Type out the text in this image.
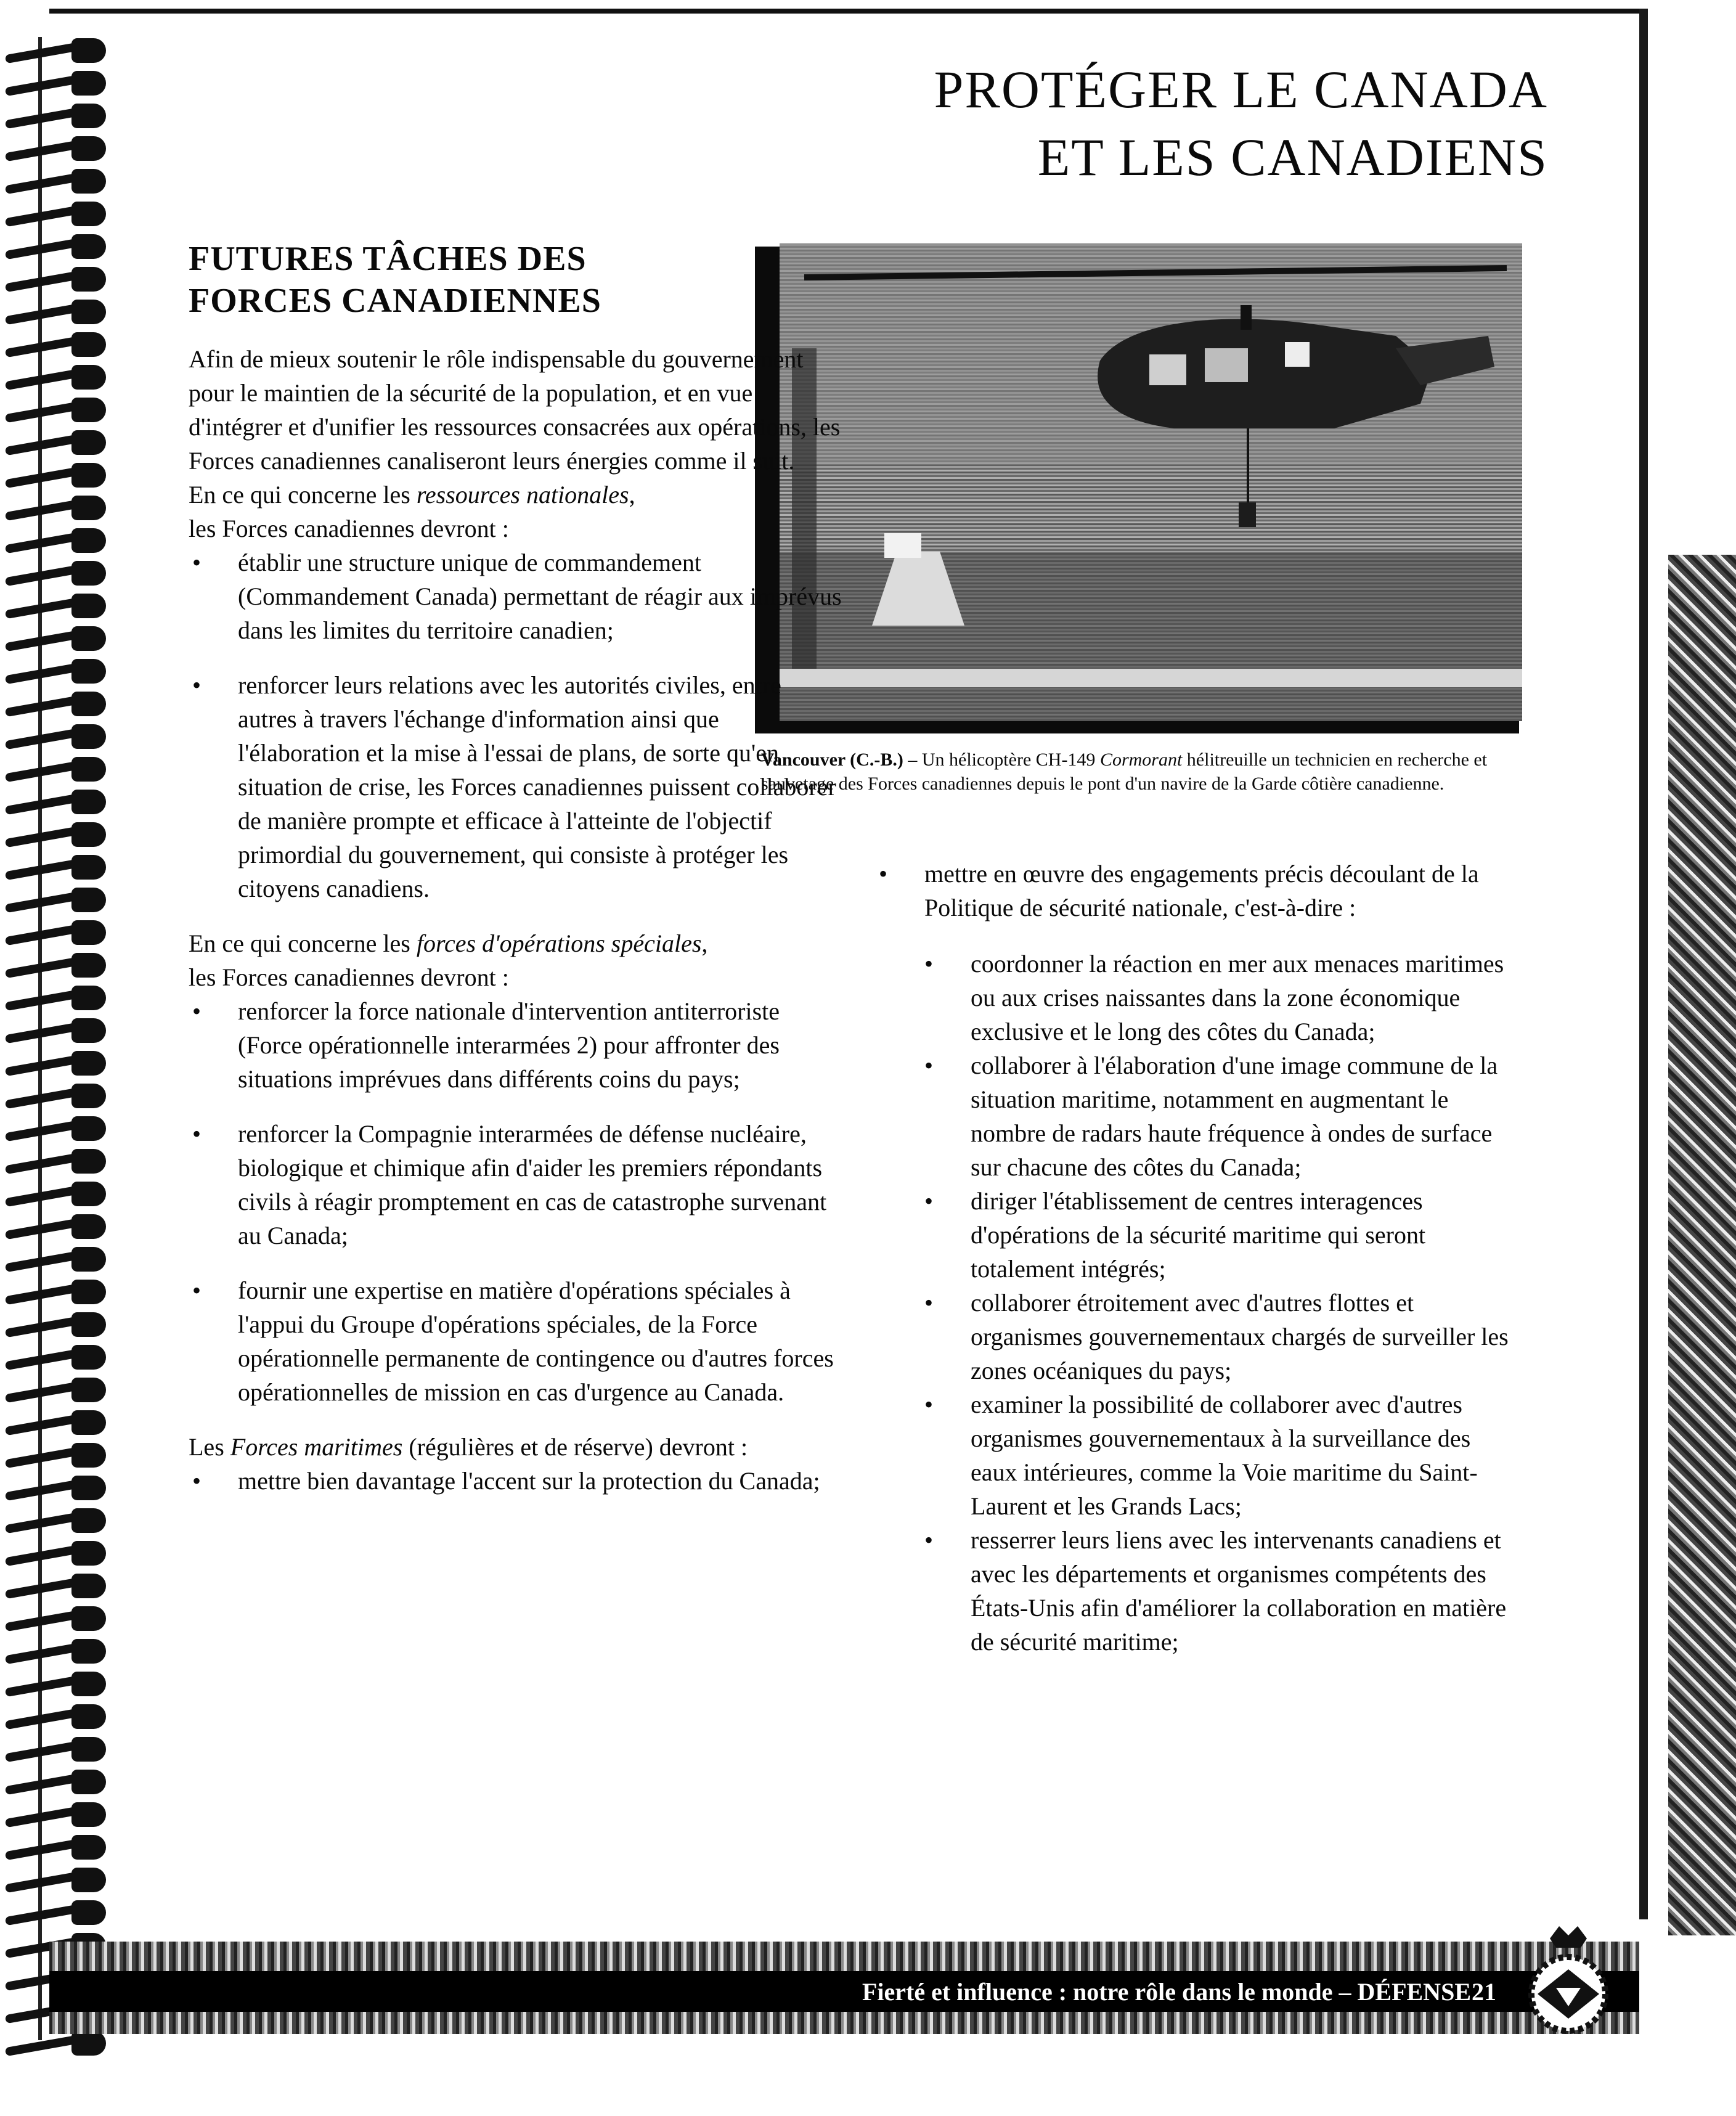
PROTÉGER LE CANADA
ET LES CANADIENS
FUTURES TÂCHES DES
FORCES CANADIENNES
Vancouver (C.-B.) – Un hélicoptère CH-149 Cormorant hélitreuille un technicien en recherche et sauvetage des Forces canadiennes depuis le pont d'un navire de la Garde côtière canadienne.

Afin de mieux soutenir le rôle indispensable du gouvernement pour le maintien de la sécurité de la population, et en vue d'intégrer et d'unifier les ressources consacrées aux opérations, les Forces canadiennes canaliseront leurs énergies comme il suit.

En ce qui concerne les ressources nationales,
les Forces canadiennes devront :

• établir une structure unique de commandement (Commandement Canada) permettant de réagir aux imprévus dans les limites du territoire canadien;
• renforcer leurs relations avec les autorités civiles, entre autres à travers l'échange d'information ainsi que l'élaboration et la mise à l'essai de plans, de sorte qu'en situation de crise, les Forces canadiennes puissent collaborer de manière prompte et efficace à l'atteinte de l'objectif primordial du gouvernement, qui consiste à protéger les citoyens canadiens.

En ce qui concerne les forces d'opérations spéciales,
les Forces canadiennes devront :

• renforcer la force nationale d'intervention antiterroriste (Force opérationnelle interarmées 2) pour affronter des situations imprévues dans différents coins du pays;
• renforcer la Compagnie interarmées de défense nucléaire, biologique et chimique afin d'aider les premiers répondants civils à réagir promptement en cas de catastrophe survenant au Canada;
• fournir une expertise en matière d'opérations spéciales à l'appui du Groupe d'opérations spéciales, de la Force opérationnelle permanente de contingence ou d'autres forces opérationnelles de mission en cas d'urgence au Canada.

Les Forces maritimes (régulières et de réserve) devront :

• mettre bien davantage l'accent sur la protection du Canada;
• mettre en œuvre des engagements précis découlant de la Politique de sécurité nationale, c'est-à-dire :
• coordonner la réaction en mer aux menaces maritimes ou aux crises naissantes dans la zone économique exclusive et le long des côtes du Canada;
• collaborer à l'élaboration d'une image commune de la situation maritime, notamment en augmentant le nombre de radars haute fréquence à ondes de surface sur chacune des côtes du Canada;
• diriger l'établissement de centres interagences d'opérations de la sécurité maritime qui seront totalement intégrés;
• collaborer étroitement avec d'autres flottes et organismes gouvernementaux chargés de surveiller les zones océaniques du pays;
• examiner la possibilité de collaborer avec d'autres organismes gouvernementaux à la surveillance des eaux intérieures, comme la Voie maritime du Saint-Laurent et les Grands Lacs;
• resserrer leurs liens avec les intervenants canadiens et avec les départements et organismes compétents des États-Unis afin d'améliorer la collaboration en matière de sécurité maritime;
Fierté et influence : notre rôle dans le monde – DÉFENSE 21
